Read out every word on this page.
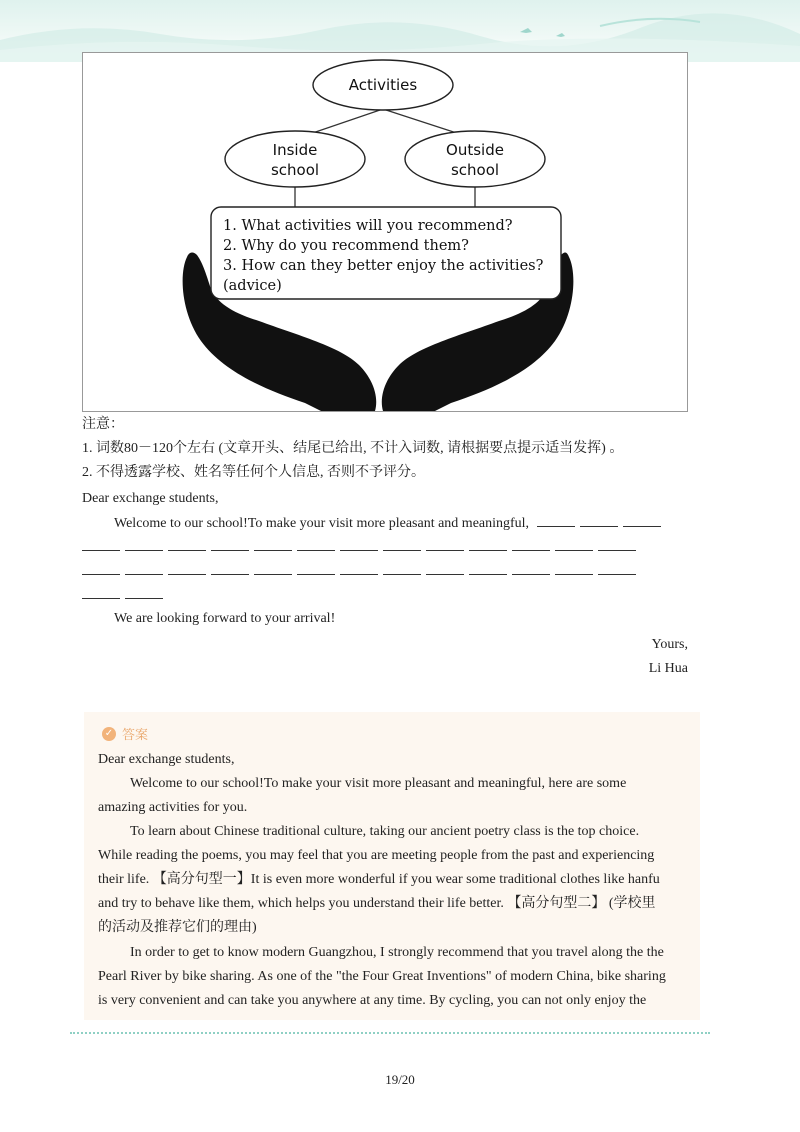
Activities
Inside
school
Outside
school
1. What activities will you recommend?
2. Why do you recommend them?
3. How can they better enjoy the activities?
(advice)
注意：
1. 词数80－120个左右 (文章开头、结尾已给出, 不计入词数, 请根据要点提示适当发挥) 。
2. 不得透露学校、姓名等任何个人信息, 否则不予评分。
Dear exchange students,
Welcome to our school!To make your visit more pleasant and meaningful,
We are looking forward to your arrival!
Yours,
Li Hua
✓ 答案
Dear exchange students,
Welcome to our school!To make your visit more pleasant and meaningful, here are some
amazing activities for you.
To learn about Chinese traditional culture, taking our ancient poetry class is the top choice.
While reading the poems, you may feel that you are meeting people from the past and experiencing
their life. 【高分句型一】It is even more wonderful if you wear some traditional clothes like hanfu
and try to behave like them, which helps you understand their life better. 【高分句型二】 (学校里
的活动及推荐它们的理由)
In order to get to know modern Guangzhou, I strongly recommend that you travel along the the
Pearl River by bike sharing. As one of the "the Four Great Inventions" of modern China, bike sharing
is very convenient and can take you anywhere at any time. By cycling, you can not only enjoy the
19/20
